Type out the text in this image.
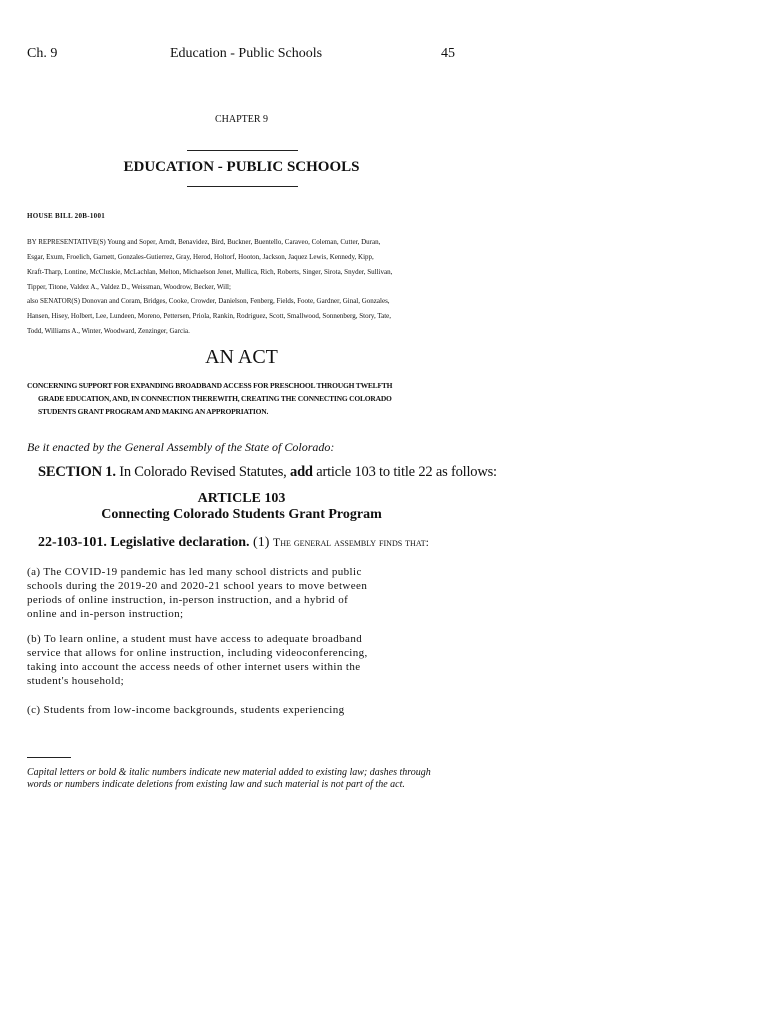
Ch. 9	Education - Public Schools	45
CHAPTER 9
EDUCATION - PUBLIC SCHOOLS
HOUSE BILL 20B-1001
BY REPRESENTATIVE(S) Young and Soper, Arndt, Benavidez, Bird, Buckner, Buentello, Caraveo, Coleman, Cutter, Duran,
Esgar, Exum, Froelich, Garnett, Gonzales-Gutierrez, Gray, Herod, Holtorf, Hooton, Jackson, Jaquez Lewis, Kennedy, Kipp,
Kraft-Tharp, Lontine, McCluskie, McLachlan, Melton, Michaelson Jenet, Mullica, Rich, Roberts, Singer, Sirota, Snyder, Sullivan,
Tipper, Titone, Valdez A., Valdez D., Weissman, Woodrow, Becker, Will;
also SENATOR(S) Donovan and Coram, Bridges, Cooke, Crowder, Danielson, Fenberg, Fields, Foote, Gardner, Ginal, Gonzales,
Hansen, Hisey, Holbert, Lee, Lundeen, Moreno, Pettersen, Priola, Rankin, Rodriguez, Scott, Smallwood, Sonnenberg, Story, Tate,
Todd, Williams A., Winter, Woodward, Zenzinger, Garcia.
AN ACT
CONCERNING SUPPORT FOR EXPANDING BROADBAND ACCESS FOR PRESCHOOL THROUGH TWELFTH
GRADE EDUCATION, AND, IN CONNECTION THEREWITH, CREATING THE CONNECTING COLORADO
STUDENTS GRANT PROGRAM AND MAKING AN APPROPRIATION.
Be it enacted by the General Assembly of the State of Colorado:
SECTION 1. In Colorado Revised Statutes, add article 103 to title 22 as follows:
ARTICLE 103
Connecting Colorado Students Grant Program
22-103-101. Legislative declaration. (1) The general assembly finds that:
(a) The COVID-19 pandemic has led many school districts and public
schools during the 2019-20 and 2020-21 school years to move between
periods of online instruction, in-person instruction, and a hybrid of
online and in-person instruction;
(b) To learn online, a student must have access to adequate broadband
service that allows for online instruction, including videoconferencing,
taking into account the access needs of other internet users within the
student's household;
(c) Students from low-income backgrounds, students experiencing
Capital letters or bold & italic numbers indicate new material added to existing law; dashes through
words or numbers indicate deletions from existing law and such material is not part of the act.
